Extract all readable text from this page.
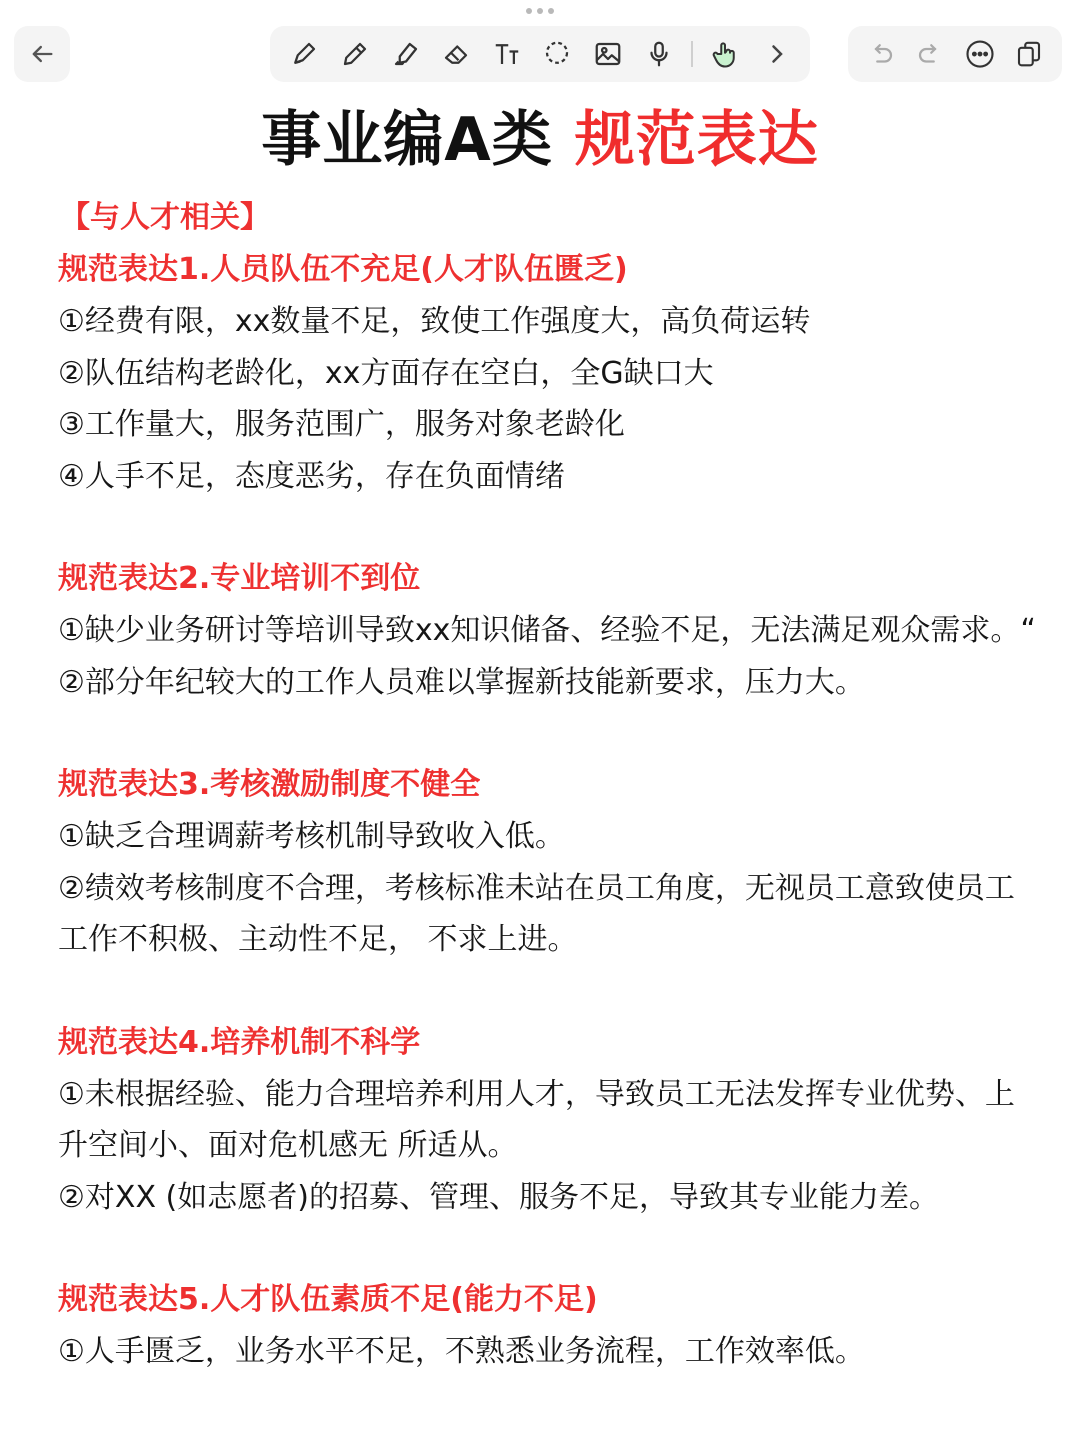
事业编A类 规范表达
【与人才相关】
规范表达1.人员队伍不充足(人才队伍匮乏)
①经费有限，xx数量不足，致使工作强度大，高负荷运转
②队伍结构老龄化，xx方面存在空白，全G缺口大
③工作量大，服务范围广，服务对象老龄化
④人手不足，态度恶劣，存在负面情绪
规范表达2.专业培训不到位
①缺少业务研讨等培训导致xx知识储备、经验不足，无法满足观众需求。“
②部分年纪较大的工作人员难以掌握新技能新要求，压力大。
规范表达3.考核激励制度不健全
①缺乏合理调薪考核机制导致收入低。
②绩效考核制度不合理，考核标准未站在员工角度，无视员工意致使员工工作不积极、主动性不足， 不求上进。
规范表达4.培养机制不科学
①未根据经验、能力合理培养利用人才，导致员工无法发挥专业优势、上升空间小、面对危机感无 所适从。
②对XX (如志愿者)的招募、管理、服务不足，导致其专业能力差。
规范表达5.人才队伍素质不足(能力不足)
①人手匮乏，业务水平不足，不熟悉业务流程，工作效率低。
